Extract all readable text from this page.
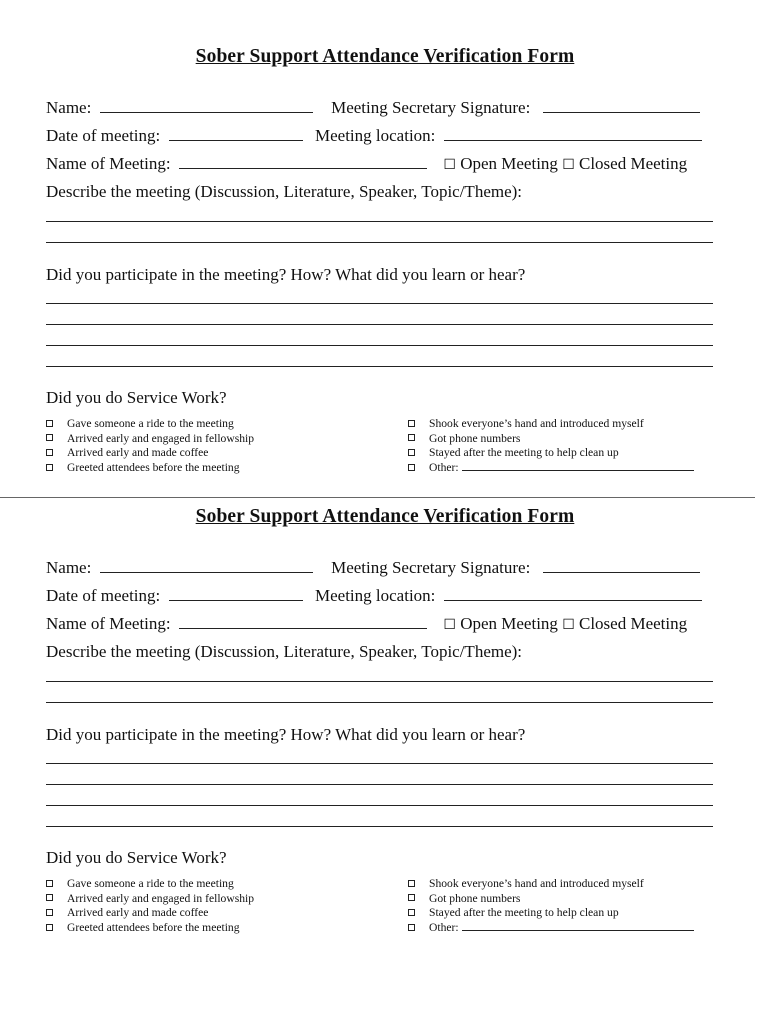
Sober Support Attendance Verification Form
Name:	Meeting Secretary Signature:
Date of meeting:	Meeting location:
Name of Meeting:	☐ Open Meeting ☐ Closed Meeting
Describe the meeting (Discussion, Literature, Speaker, Topic/Theme):
Did you participate in the meeting? How? What did you learn or hear?
Did you do Service Work?
Gave someone a ride to the meeting
Arrived early and engaged in fellowship
Arrived early and made coffee
Greeted attendees before the meeting
Shook everyone’s hand and introduced myself
Got phone numbers
Stayed after the meeting to help clean up
Other:
Sober Support Attendance Verification Form
Name:	Meeting Secretary Signature:
Date of meeting:	Meeting location:
Name of Meeting:	☐ Open Meeting ☐ Closed Meeting
Describe the meeting (Discussion, Literature, Speaker, Topic/Theme):
Did you participate in the meeting? How? What did you learn or hear?
Did you do Service Work?
Gave someone a ride to the meeting
Arrived early and engaged in fellowship
Arrived early and made coffee
Greeted attendees before the meeting
Shook everyone’s hand and introduced myself
Got phone numbers
Stayed after the meeting to help clean up
Other:
